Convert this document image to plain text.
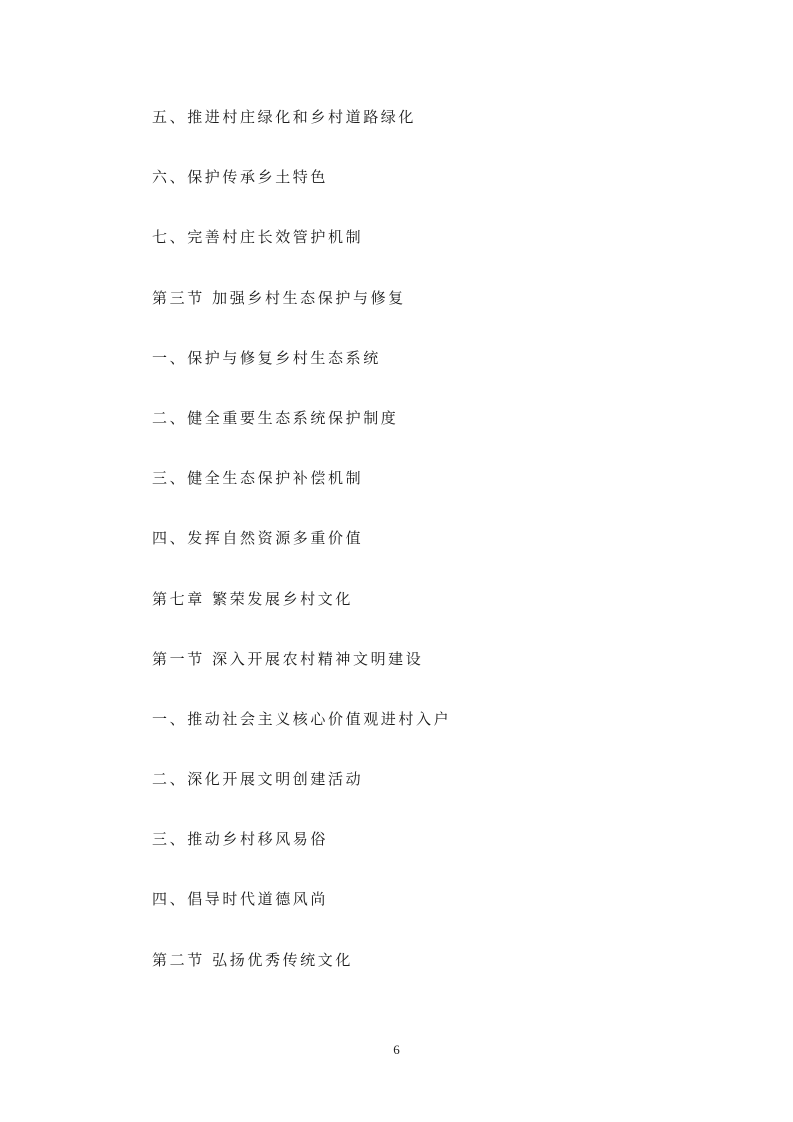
五、推进村庄绿化和乡村道路绿化
六、保护传承乡土特色
七、完善村庄长效管护机制
第三节 加强乡村生态保护与修复
一、保护与修复乡村生态系统
二、健全重要生态系统保护制度
三、健全生态保护补偿机制
四、发挥自然资源多重价值
第七章 繁荣发展乡村文化
第一节 深入开展农村精神文明建设
一、推动社会主义核心价值观进村入户
二、深化开展文明创建活动
三、推动乡村移风易俗
四、倡导时代道德风尚
第二节 弘扬优秀传统文化
6
